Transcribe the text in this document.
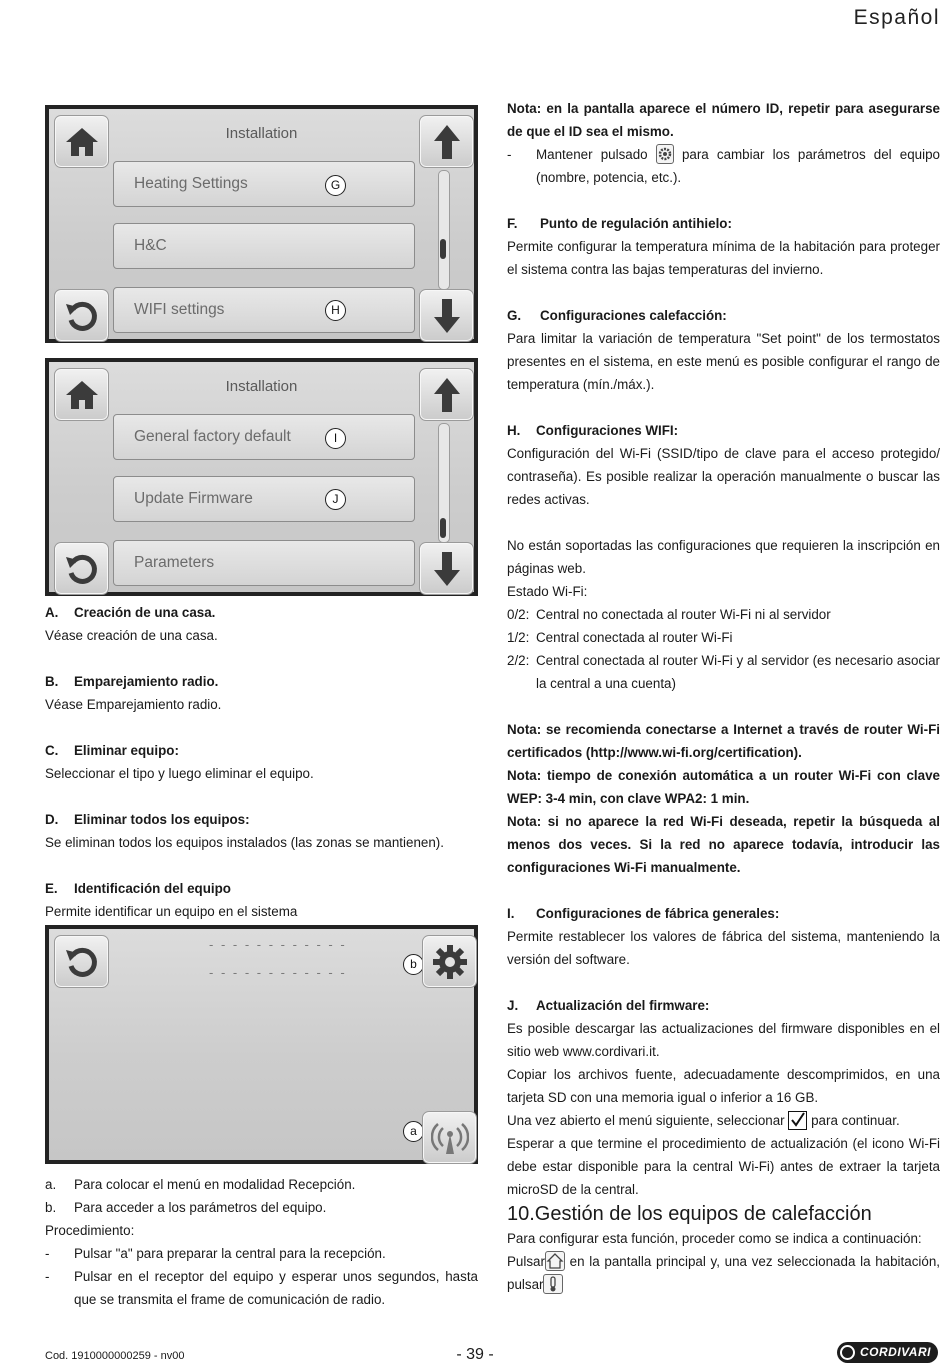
Español
Installation
Heating Settings	G
H&C
WIFI settings	H
Installation
General factory default	I
Update Firmware	J
Parameters

A. Creación de una casa.

Véase creación de una casa.

B. Emparejamiento radio.

Véase Emparejamiento radio.

C. Eliminar equipo:

Seleccionar el tipo y luego eliminar el equipo.

D. Eliminar todos los equipos:

Se eliminan todos los equipos instalados (las zonas se mantienen).

E. Identificación del equipo

Permite identificar un equipo en el sistema

- - - - - - - - - - - -
- - - - - - - - - - - -
b
a

a. Para colocar el menú en modalidad Recepción.

b. Para acceder a los parámetros del equipo.

Procedimiento:

- Pulsar "a" para preparar la central para la recepción.

- Pulsar en el receptor del equipo y esperar unos segundos, hasta que se transmita el frame de comunicación de radio.

Nota: en la pantalla aparece el número ID, repetir para asegurarse de que el ID sea el mismo.

- Mantener pulsado	para cambiar los parámetros del equipo (nombre, potencia, etc.).

F. Punto de regulación antihielo:

Permite configurar la temperatura mínima de la habitación para proteger el sistema contra las bajas temperaturas del invierno.

G. Configuraciones calefacción:

Para limitar la variación de temperatura "Set point" de los termostatos presentes en el sistema, en este menú es posible configurar el rango de temperatura (mín./máx.).

H. Configuraciones WIFI:

Configuración del Wi-Fi (SSID/tipo de clave para el acceso protegido/ contraseña). Es posible realizar la operación manualmente o buscar las redes activas.

No están soportadas las configuraciones que requieren la inscripción en páginas web.

Estado Wi-Fi:

0/2: Central no conectada al router Wi-Fi ni al servidor

1/2: Central conectada al router Wi-Fi

2/2: Central conectada al router Wi-Fi y al servidor (es necesario asociar la central a una cuenta)

Nota: se recomienda conectarse a Internet a través de router Wi-Fi certificados (http://www.wi-fi.org/certification).

Nota: tiempo de conexión automática a un router Wi-Fi con clave WEP: 3-4 min, con clave WPA2: 1 min.

Nota: si no aparece la red Wi-Fi deseada, repetir la búsqueda al menos dos veces. Si la red no aparece todavía, introducir las configuraciones Wi-Fi manualmente.

I. Configuraciones de fábrica generales:

Permite restablecer los valores de fábrica del sistema, manteniendo la versión del software.

J. Actualización del firmware:

Es posible descargar las actualizaciones del firmware disponibles en el sitio web www.cordivari.it.

Copiar los archivos fuente, adecuadamente descomprimidos, en una tarjeta SD con una memoria igual o inferior a 16 GB.

Una vez abierto el menú siguiente, seleccionar para continuar.

Esperar a que termine el procedimiento de actualización (el icono Wi-Fi debe estar disponible para la central Wi-Fi) antes de extraer la tarjeta microSD de la central.

10.Gestión de los equipos de calefacción

Para configurar esta función, proceder como se indica a continuación:

Pulsar en la pantalla principal y, una vez seleccionada la habitación, pulsar

Cod. 1910000000259 - nv00	- 39 -	CORDIVARI
